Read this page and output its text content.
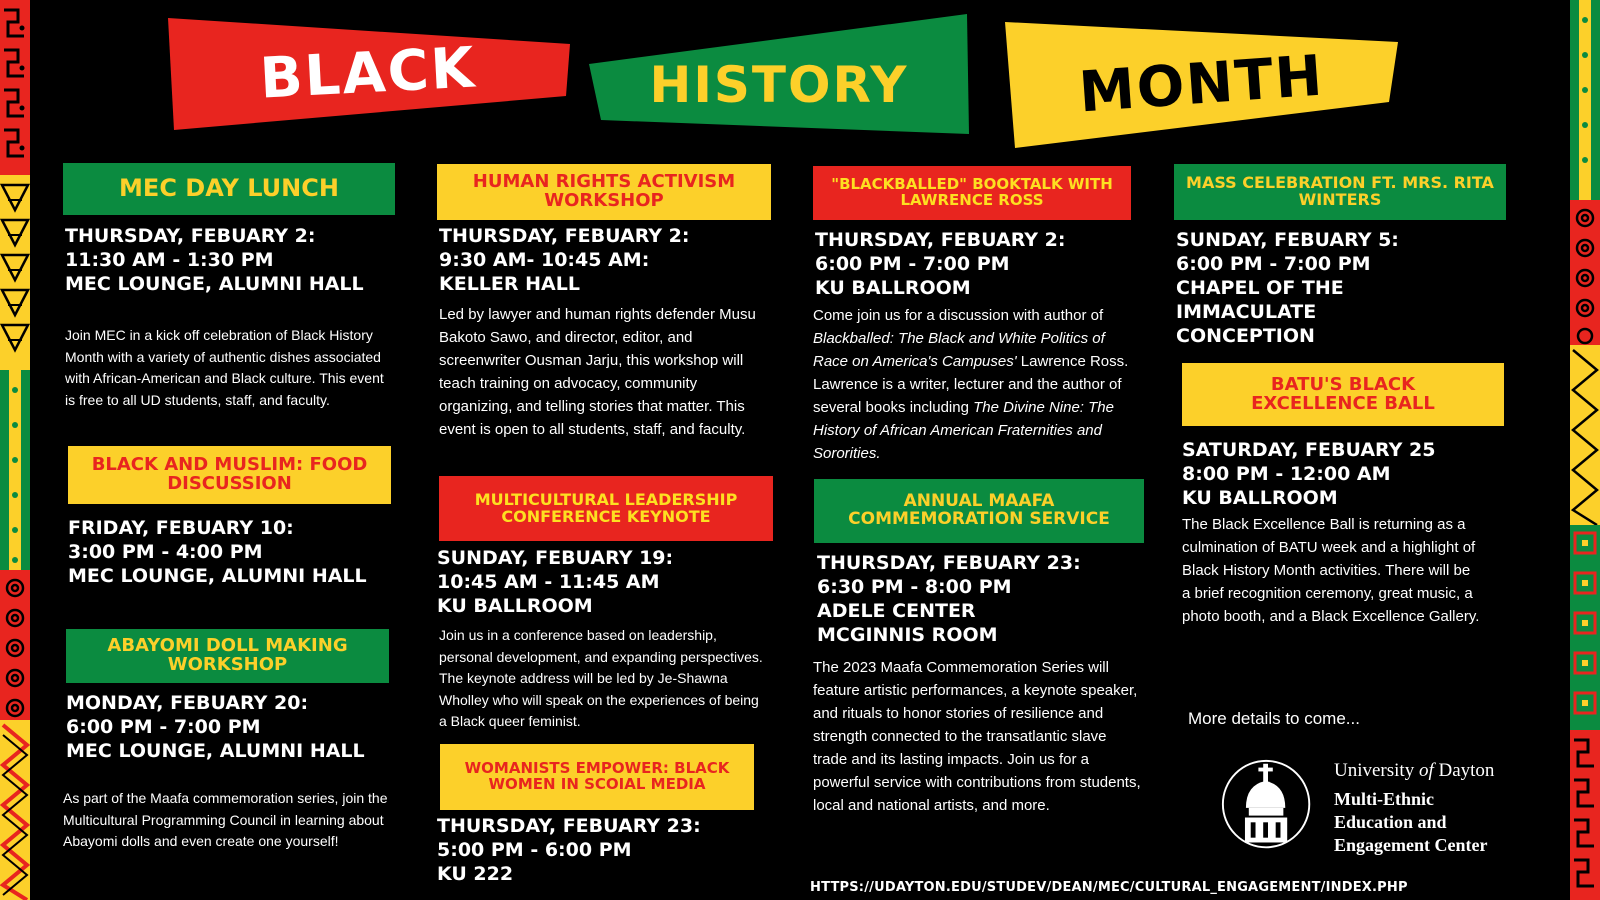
BLACK	HISTORY	MONTH
MEC DAY LUNCH
THURSDAY, FEBUARY 2:
11:30 AM - 1:30 PM
MEC LOUNGE, ALUMNI HALL
Join MEC in a kick off celebration of Black History Month with a variety of authentic dishes associated with African-American and Black culture. This event is free to all UD students, staff, and faculty.
BLACK AND MUSLIM: FOOD DISCUSSION
FRIDAY, FEBUARY 10:
3:00 PM - 4:00 PM
MEC LOUNGE, ALUMNI HALL
ABAYOMI DOLL MAKING WORKSHOP
MONDAY, FEBUARY 20:
6:00 PM - 7:00 PM
MEC LOUNGE, ALUMNI HALL
As part of the Maafa commemoration series, join the Multicultural Programming Council in learning about Abayomi dolls and even create one yourself!
HUMAN RIGHTS ACTIVISM WORKSHOP
THURSDAY, FEBUARY 2:
9:30 AM- 10:45 AM:
KELLER HALL
Led by lawyer and human rights defender Musu Bakoto Sawo, and director, editor, and screenwriter Ousman Jarju, this workshop will teach training on advocacy, community organizing, and telling stories that matter. This event is open to all students, staff, and faculty.
MULTICULTURAL LEADERSHIP CONFERENCE KEYNOTE
SUNDAY, FEBUARY 19:
10:45 AM - 11:45 AM
KU BALLROOM
Join us in a conference based on leadership, personal development, and expanding perspectives. The keynote address will be led by Je-Shawna Wholley who will speak on the experiences of being a Black queer feminist.
WOMANISTS EMPOWER: BLACK WOMEN IN SCOIAL MEDIA
THURSDAY, FEBUARY 23:
5:00 PM - 6:00 PM
KU 222
"BLACKBALLED" BOOKTALK WITH LAWRENCE ROSS
THURSDAY, FEBUARY 2:
6:00 PM - 7:00 PM
KU BALLROOM
Come join us for a discussion with author of Blackballed: The Black and White Politics of Race on America's Campuses' Lawrence Ross. Lawrence is a writer, lecturer and the author of several books including The Divine Nine: The History of African American Fraternities and Sororities.
ANNUAL MAAFA COMMEMORATION SERVICE
THURSDAY, FEBUARY 23:
6:30 PM - 8:00 PM
ADELE CENTER
MCGINNIS ROOM
The 2023 Maafa Commemoration Series will feature artistic performances, a keynote speaker, and rituals to honor stories of resilience and strength connected to the transatlantic slave trade and its lasting impacts. Join us for a powerful service with contributions from students, local and national artists, and more.
MASS CELEBRATION FT. MRS. RITA WINTERS
SUNDAY, FEBUARY 5:
6:00 PM - 7:00 PM
CHAPEL OF THE IMMACULATE CONCEPTION
BATU'S BLACK EXCELLENCE BALL
SATURDAY, FEBUARY 25
8:00 PM - 12:00 AM
KU BALLROOM
The Black Excellence Ball is returning as a culmination of BATU week and a highlight of Black History Month activities. There will be a brief recognition ceremony, great music, a photo booth, and a Black Excellence Gallery.
More details to come...
University of Dayton
Multi-Ethnic
Education and
Engagement Center
HTTPS://UDAYTON.EDU/STUDEV/DEAN/MEC/CULTURAL_ENGAGEMENT/INDEX.PHP
